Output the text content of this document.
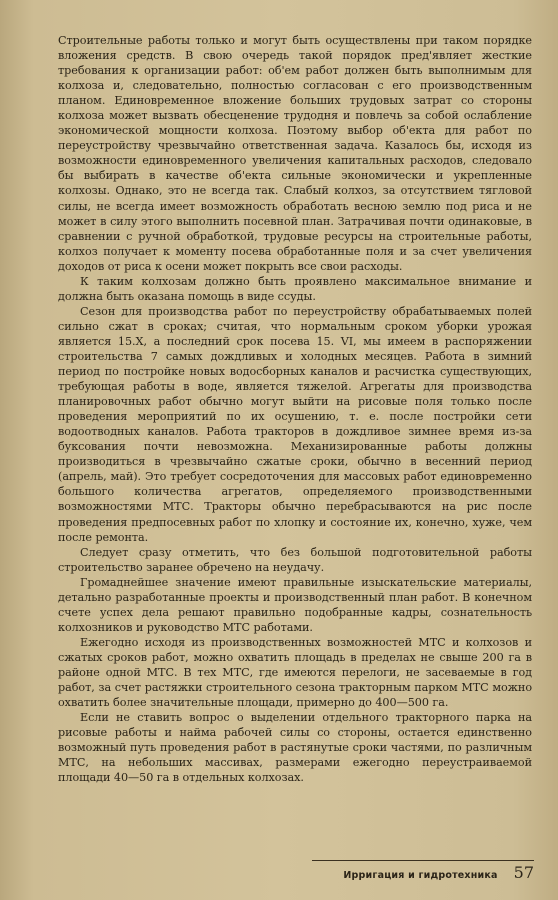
Строительные работы только и могут быть осуществлены при таком порядке вложения средств. В свою очередь такой порядок пред'являет жесткие требования к организации работ: об'ем работ должен быть выполнимым для колхоза и, следовательно, полностью согласован с его производственным планом. Единовременное вложение больших трудовых затрат со стороны колхоза может вызвать обесценение трудодня и повлечь за собой ослабление экономической мощности колхоза. Поэтому выбор об'екта для работ по переустройству чрезвычайно ответственная задача. Казалось бы, исходя из возможности единовременного увеличения капитальных расходов, следовало бы выбирать в качестве об'екта сильные экономически и укрепленные колхозы. Однако, это не всегда так. Слабый колхоз, за отсутствием тягловой силы, не всегда имеет возможность обработать весною землю под риса и не может в силу этого выполнить посевной план. Затрачивая почти одинаковые, в сравнении с ручной обработкой, трудовые ресурсы на строительные работы, колхоз получает к моменту посева обработанные поля и за счет увеличения доходов от риса к осени может покрыть все свои расходы.

К таким колхозам должно быть проявлено максимальное внимание и должна быть оказана помощь в виде ссуды.

Сезон для производства работ по переустройству обрабатываемых полей сильно сжат в сроках; считая, что нормальным сроком уборки урожая является 15.X, а последний срок посева 15. VI, мы имеем в распоряжении строительства 7 самых дождливых и холодных месяцев. Работа в зимний период по постройке новых водосборных каналов и расчистка существующих, требующая работы в воде, является тяжелой. Агрегаты для производства планировочных работ обычно могут выйти на рисовые поля только после проведения мероприятий по их осушению, т. е. после постройки сети водоотводных каналов. Работа тракторов в дождливое зимнее время из-за буксования почти невозможна. Механизированные работы должны производиться в чрезвычайно сжатые сроки, обычно в весенний период (апрель, май). Это требует сосредоточения для массовых работ единовременно большого количества агрегатов, определяемого производственными возможностями МТС. Тракторы обычно перебрасываются на рис после проведения предпосевных работ по хлопку и состояние их, конечно, хуже, чем после ремонта.

Следует сразу отметить, что без большой подготовительной работы строительство заранее обречено на неудачу.

Громаднейшее значение имеют правильные изыскательские материалы, детально разработанные проекты и производственный план работ. В конечном счете успех дела решают правильно подобранные кадры, сознательность колхозников и руководство МТС работами.

Ежегодно исходя из производственных возможностей МТС и колхозов и сжатых сроков работ, можно охватить площадь в пределах не свыше 200 га в районе одной МТС. В тех МТС, где имеются перелоги, не засеваемые в год работ, за счет растяжки строительного сезона тракторным парком МТС можно охватить более значительные площади, примерно до 400—500 га.

Если не ставить вопрос о выделении отдельного тракторного парка на рисовые работы и найма рабочей силы со стороны, остается единственно возможный путь проведения работ в растянутые сроки частями, по различным МТС, на небольших массивах, размерами ежегодно переустраиваемой площади 40—50 га в отдельных колхозах.

Ирригация и гидротехника 57
